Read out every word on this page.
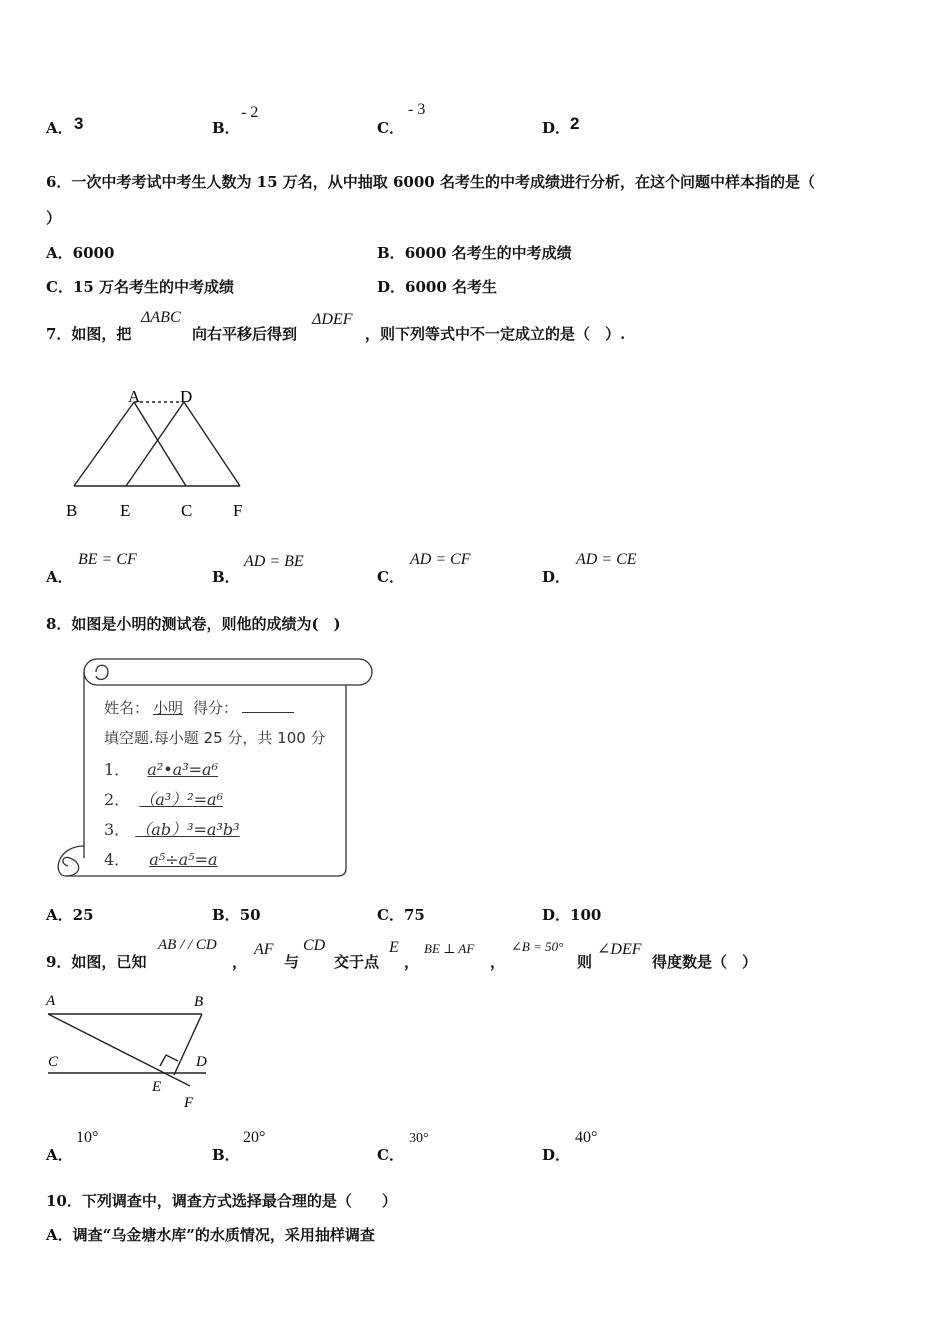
A． 3	B．
- 2
C．
- 3
D． 2
6．一次中考考试中考生人数为 15 万名，从中抽取 6000 名考生的中考成绩进行分析，在这个问题中样本指的是（
）
A．6000	B．6000 名考生的中考成绩
C．15 万名考生的中考成绩	D．6000 名考生
7．如图，把
ΔABC
向右平移后得到
ΔDEF
，则下列等式中不一定成立的是（　）.
A D
B	E	C F
A．
BE = CF
B．
AD = BE
C．
AD = CF
D．
AD = CE
8．如图是小明的测试卷，则他的成绩为(　)
姓名： 小明 得分：
填空题.每小题 25 分，共 100 分
1． a²•a³=a⁶
2． （a³）²=a⁶
3． （ab）³=a³b³
4． a⁵÷a⁵=a
A．25	B．50	C．75	D．100
9．如图，已知
AB / / CD
，
AF
与
CD
交于点
E
，
BE ⊥ AF
，
∠B = 50°
则
∠DEF
得度数是（　）
A	B
C	D
E
F
A．
10°
B．
20°
C．
30°
D．
40°
10．下列调查中，调查方式选择最合理的是（　　）
A．调查“乌金塘水库”的水质情况，采用抽样调查
